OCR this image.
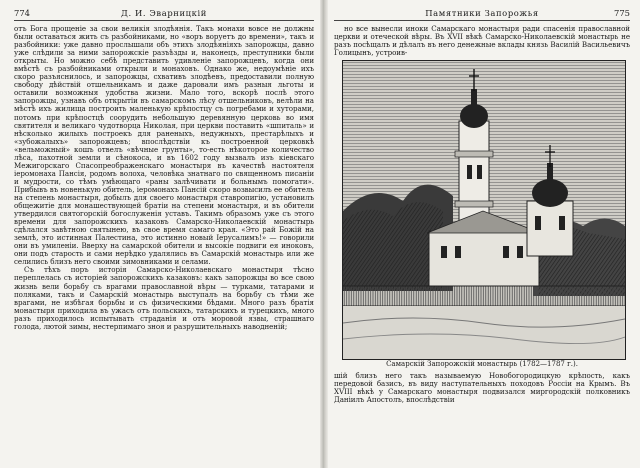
774	Д. И. Эварницкій

отъ Бога прощеніе за свои великія злодѣянія. Такъ монахи вовсе не должны были оставаться жить съ разбойниками, но «воръ воруетъ до времени», такъ и разбойники: уже давно прослышали объ этихъ злодѣяніяхъ запорожцы, давно уже слѣдили за ними запорожскіе разъѣзды и, наконецъ, преступники были открыты. Но можно себѣ представить удивленіе запорожцевъ, когда они вмѣстѣ съ разбойниками открыли и монаховъ. Однако же, недоумѣніе ихъ скоро разъяснилось, и запорожцы, схвативъ злодѣевъ, предоставили полную свободу дѣйствій отшельникамъ и даже даровали имъ разныя льготы и оставили возможныя удобства жизни. Мало того, вскорѣ послѣ этого запорожцы, узнавъ объ открытіи въ самарскомъ лѣсу отшельниковъ, велѣли на мѣстѣ ихъ жилища построить маленькую крѣпостцу съ погребами и хуторами, потомъ при крѣпостцѣ соорудить небольшую деревянную церковь во имя святителя и великаго чудотворца Николая, при церкви поставить «шпиталь» и нѣсколько жилыхъ построекъ для раненыхъ, недужныхъ, престарѣлыхъ и «зубожалыхъ» запорожцевъ; впослѣдствіи къ построенной церковкѣ «вельможный» кошъ отвелъ «вѣчные грунты», то-есть нѣкоторое количество лѣса, пахотной земли и сѣнокоса, и въ 1602 году вызвалъ изъ кіевскаго Межигорскаго Спасопреображенскаго монастыря въ качествѣ настоятеля іеромонаха Пансія, родомъ волоха, человѣка знатнаго по священномъ писаніи и мудрости, со тѣмъ умѣющаго «раны залѣчивати и больнымъ помогати». Прибывъ въ новенькую обитель, іеромонахъ Пансій скоро возвысилъ ее обитель на степень монастыря, добылъ для своего монастыря ставропигію, установилъ общежитіе для монашествующей братіи на степени монастыря, и въ обители утвердился святогорскій богослуженія уставъ. Такимъ образомъ уже съ этого времени для запорожскихъ казаковъ Самарско-Николаевскій монастырь сдѣлался завѣтною святынею, въ свое время самаго края. «Это рай Божій на землѣ, это истинная Палестина, это истинно новый Іерусалимъ!» — говорили они въ умиленіи. Вверху на самарской обители и высокіе подвиги ея иноковъ, они подъ старость и сами нерѣдко удалялись въ Самарскій монастырь или же селились близъ него своими зимовниками и селами.

Съ тѣхъ поръ исторія Самарско-Николаевскаго монастыря тѣсно переплелась съ исторіей запорожскихъ казаковъ: какъ запорожцы во все свою жизнь вели борьбу съ врагами православной вѣры — турками, татарами и поляками, такъ и Самарскій монастырь выступалъ на борьбу съ тѣми же врагами, не избѣгая борьбы и съ физическими бѣдами. Много разъ братія монастыря приходила въ ужасъ отъ польскихъ, татарскихъ и турецкихъ, много разъ приходилось испытывать страданія и отъ моровой язвы, страшнаго голода, лютой зимы, нестерпимаго зноя и разрушительныхъ наводненій;

Памятники Запорожья	775

но все вынесли иноки Самарскаго монастыря ради спасенія православной церкви и отеческой вѣры. Въ XVII вѣкѣ Самарско-Николаевскій монастырь не разъ посѣщалъ и дѣлалъ въ него денежные вклады князь Василій Васильевичъ Голицынъ, устроив-

Самарскій Запорожскій монастырь (1782—1787 г.).

шій близъ него такъ называемую Новобогородицкую крѣпость, какъ передовой базисъ, въ виду наступательныхъ походовъ Россіи на Крымъ. Въ XVIII вѣкѣ у Самарскаго монастыря подвизался миргородскій полковникъ Даніилъ Апостолъ, впослѣдствіи
